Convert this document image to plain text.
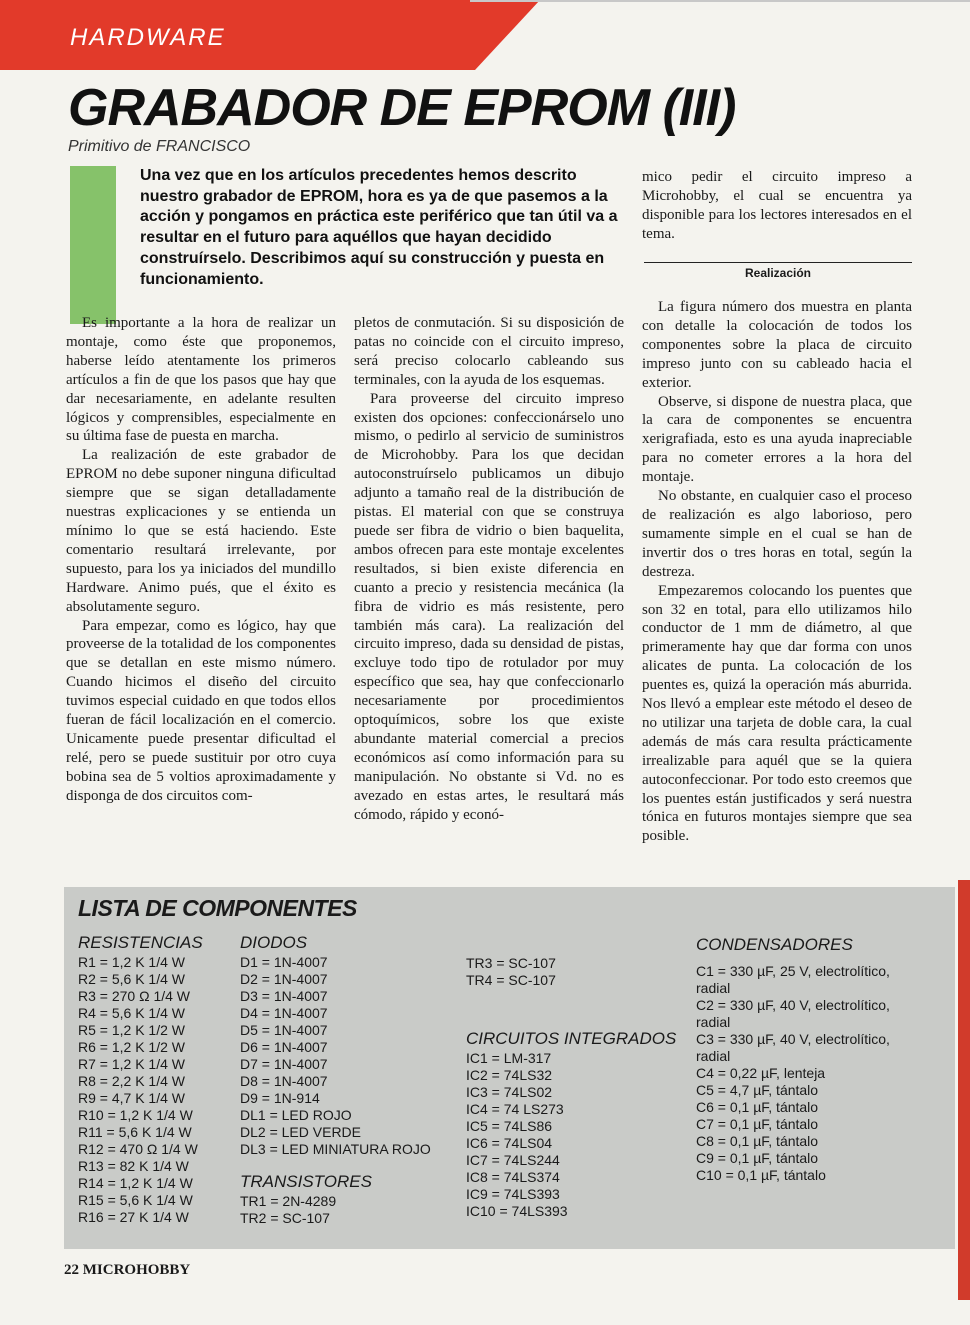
HARDWARE
GRABADOR DE EPROM (III)
Primitivo de FRANCISCO
Una vez que en los artículos precedentes hemos descrito nuestro grabador de EPROM, hora es ya de que pasemos a la acción y pongamos en práctica este periférico que tan útil va a resultar en el futuro para aquéllos que hayan decidido construírselo. Describimos aquí su construcción y puesta en funcionamiento.

Es importante a la hora de realizar un montaje, como éste que proponemos, haberse leído atentamente los primeros artículos a fin de que los pasos que hay que dar necesariamente, en adelante resulten lógicos y comprensibles, especialmente en su última fase de puesta en marcha.

La realización de este grabador de EPROM no debe suponer ninguna dificultad siempre que se sigan detalladamente nuestras explicaciones y se entienda un mínimo lo que se está haciendo. Este comentario resultará irrelevante, por supuesto, para los ya iniciados del mundillo Hardware. Animo pués, que el éxito es absolutamente seguro.

Para empezar, como es lógico, hay que proveerse de la totalidad de los componentes que se detallan en este mismo número. Cuando hicimos el diseño del circuito tuvimos especial cuidado en que todos ellos fueran de fácil localización en el comercio. Unicamente puede presentar dificultad el relé, pero se puede sustituir por otro cuya bobina sea de 5 voltios aproximadamente y disponga de dos circuitos com-

pletos de conmutación. Si su disposición de patas no coincide con el circuito impreso, será preciso colocarlo cableando sus terminales, con la ayuda de los esquemas.

Para proveerse del circuito impreso existen dos opciones: confeccionárselo uno mismo, o pedirlo al servicio de suministros de Microhobby. Para los que decidan autoconstruírselo publicamos un dibujo adjunto a tamaño real de la distribución de pistas. El material con que se construya puede ser fibra de vidrio o bien baquelita, ambos ofrecen para este montaje excelentes resultados, si bien existe diferencia en cuanto a precio y resistencia mecánica (la fibra de vidrio es más resistente, pero también más cara). La realización del circuito impreso, dada su densidad de pistas, excluye todo tipo de rotulador por muy específico que sea, hay que confeccionarlo necesariamente por procedimientos optoquímicos, sobre los que existe abundante material comercial a precios económicos así como información para su manipulación. No obstante si Vd. no es avezado en estas artes, le resultará más cómodo, rápido y econó-

mico pedir el circuito impreso a Microhobby, el cual se encuentra ya disponible para los lectores interesados en el tema.

Realización

La figura número dos muestra en planta con detalle la colocación de todos los componentes sobre la placa de circuito impreso junto con su cableado hacia el exterior.

Observe, si dispone de nuestra placa, que la cara de componentes se encuentra xerigrafiada, esto es una ayuda inapreciable para no cometer errores a la hora del montaje.

No obstante, en cualquier caso el proceso de realización es algo laborioso, pero sumamente simple en el cual se han de invertir dos o tres horas en total, según la destreza.

Empezaremos colocando los puentes que son 32 en total, para ello utilizamos hilo conductor de 1 mm de diámetro, al que primeramente hay que dar forma con unos alicates de punta. La colocación de los puentes es, quizá la operación más aburrida. Nos llevó a emplear este método el deseo de no utilizar una tarjeta de doble cara, la cual además de más cara resulta prácticamente irrealizable para aquél que se la quiera autoconfeccionar. Por todo esto creemos que los puentes están justificados y será nuestra tónica en futuros montajes siempre que sea posible.

LISTA DE COMPONENTES
RESISTENCIAS
R1 = 1,2 K 1/4 W
R2 = 5,6 K 1/4 W
R3 = 270 Ω 1/4 W
R4 = 5,6 K 1/4 W
R5 = 1,2 K 1/2 W
R6 = 1,2 K 1/2 W
R7 = 1,2 K 1/4 W
R8 = 2,2 K 1/4 W
R9 = 4,7 K 1/4 W
R10 = 1,2 K 1/4 W
R11 = 5,6 K 1/4 W
R12 = 470 Ω 1/4 W
R13 = 82 K 1/4 W
R14 = 1,2 K 1/4 W
R15 = 5,6 K 1/4 W
R16 = 27 K 1/4 W
DIODOS
D1 = 1N-4007
D2 = 1N-4007
D3 = 1N-4007
D4 = 1N-4007
D5 = 1N-4007
D6 = 1N-4007
D7 = 1N-4007
D8 = 1N-4007
D9 = 1N-914
DL1 = LED ROJO
DL2 = LED VERDE
DL3 = LED MINIATURA ROJO
TRANSISTORES
TR1 = 2N-4289
TR2 = SC-107
TR3 = SC-107
TR4 = SC-107
CIRCUITOS INTEGRADOS
IC1 = LM-317
IC2 = 74LS32
IC3 = 74LS02
IC4 = 74 LS273
IC5 = 74LS86
IC6 = 74LS04
IC7 = 74LS244
IC8 = 74LS374
IC9 = 74LS393
IC10 = 74LS393
CONDENSADORES
C1 = 330 µF, 25 V, electrolítico, radial
C2 = 330 µF, 40 V, electrolítico, radial
C3 = 330 µF, 40 V, electrolítico, radial
C4 = 0,22 µF, lenteja
C5 = 4,7 µF, tántalo
C6 = 0,1 µF, tántalo
C7 = 0,1 µF, tántalo
C8 = 0,1 µF, tántalo
C9 = 0,1 µF, tántalo
C10 = 0,1 µF, tántalo
22 MICROHOBBY
